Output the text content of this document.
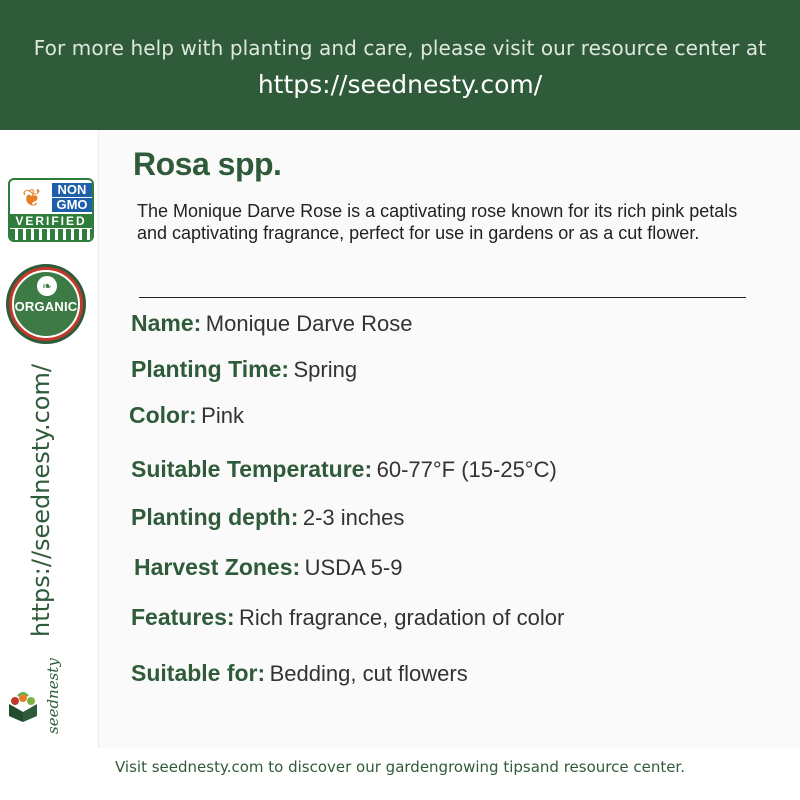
For more help with planting and care, please visit our resource center at
https://seednesty.com/
❦	NON
GMO
VERIFIED
❧
ORGANIC
https://seednesty.com/
seednesty
Rosa spp.
The Monique Darve Rose is a captivating rose known for its rich pink petals and captivating fragrance, perfect for use in gardens or as a cut flower.
Name: Monique Darve Rose
Planting Time: Spring
Color: Pink
Suitable Temperature: 60-77°F (15-25°C)
Planting depth: 2-3 inches
Harvest Zones: USDA 5-9
Features: Rich fragrance, gradation of color
Suitable for: Bedding, cut flowers
Visit seednesty.com to discover our gardengrowing tipsand resource center.
